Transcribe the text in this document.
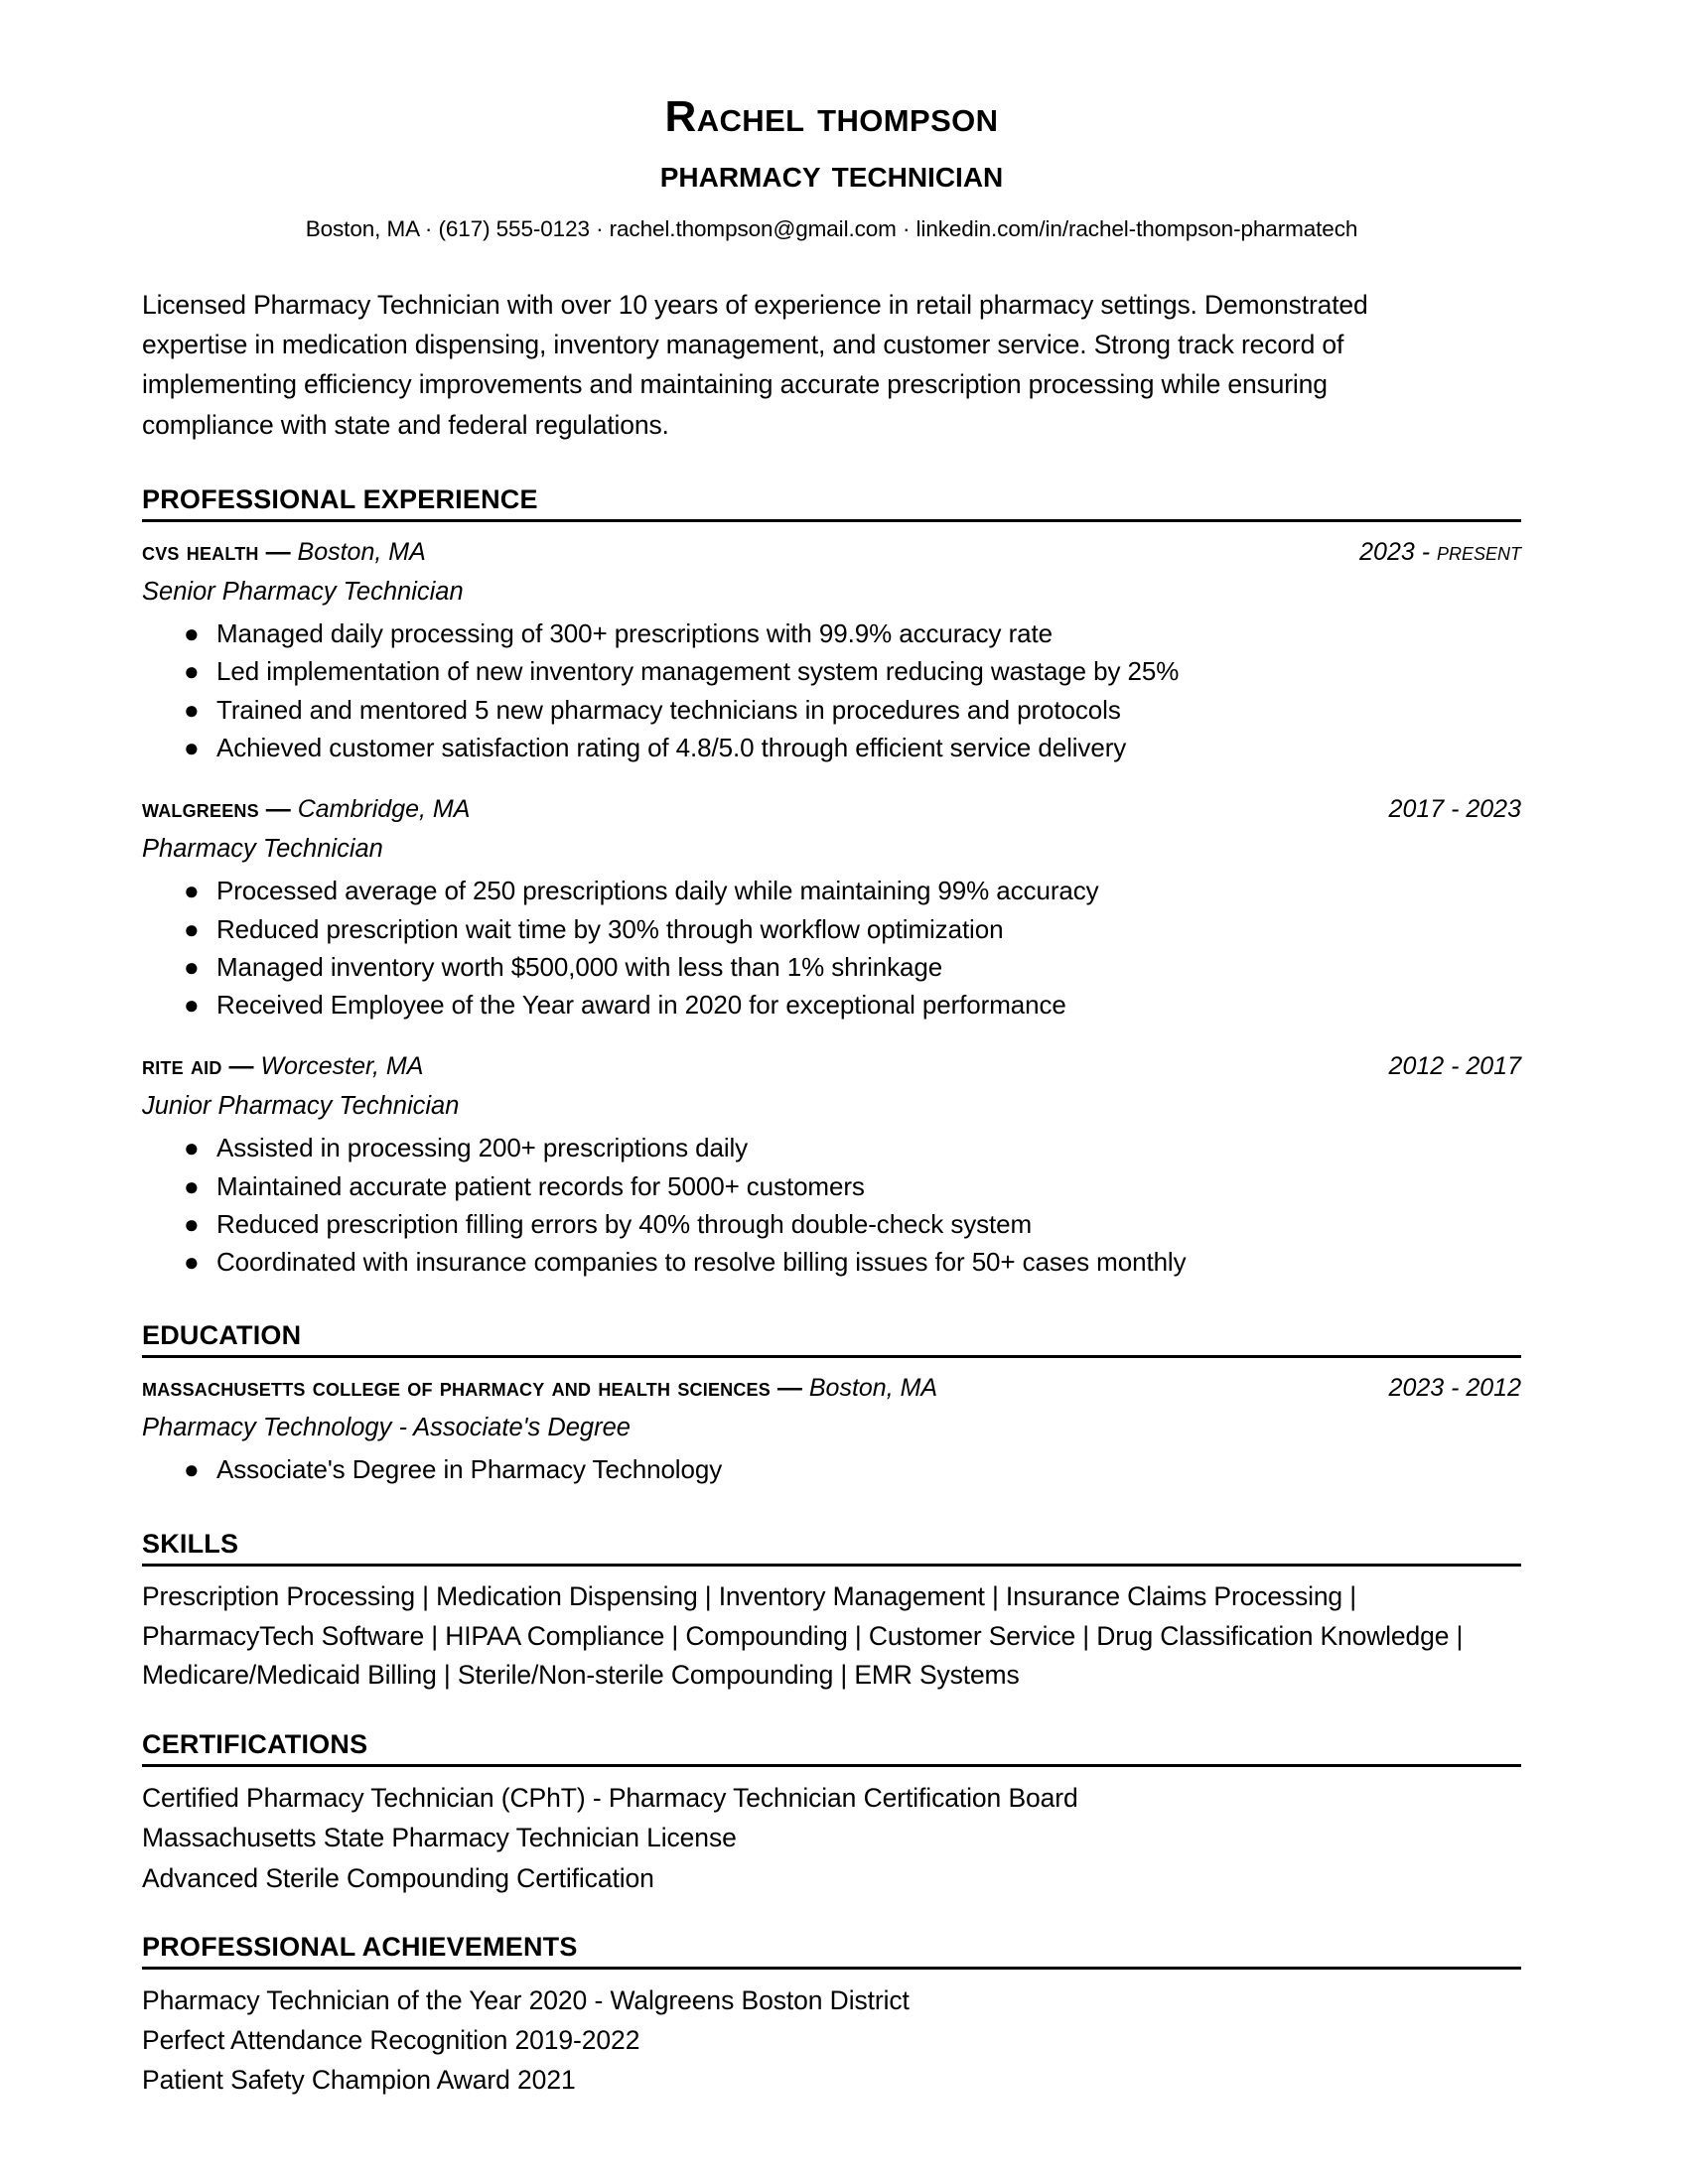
Rachel thompson
pharmacy technician
Boston, MA · (617) 555-0123 · rachel.thompson@gmail.com · linkedin.com/in/rachel-thompson-pharmatech
Licensed Pharmacy Technician with over 10 years of experience in retail pharmacy settings. Demonstrated expertise in medication dispensing, inventory management, and customer service. Strong track record of implementing efficiency improvements and maintaining accurate prescription processing while ensuring compliance with state and federal regulations.
PROFESSIONAL EXPERIENCE
cvs health — Boston, MA	2023 - present
Senior Pharmacy Technician
● Managed daily processing of 300+ prescriptions with 99.9% accuracy rate
● Led implementation of new inventory management system reducing wastage by 25%
● Trained and mentored 5 new pharmacy technicians in procedures and protocols
● Achieved customer satisfaction rating of 4.8/5.0 through efficient service delivery
walgreens — Cambridge, MA	2017 - 2023
Pharmacy Technician
● Processed average of 250 prescriptions daily while maintaining 99% accuracy
● Reduced prescription wait time by 30% through workflow optimization
● Managed inventory worth $500,000 with less than 1% shrinkage
● Received Employee of the Year award in 2020 for exceptional performance
rite aid — Worcester, MA	2012 - 2017
Junior Pharmacy Technician
● Assisted in processing 200+ prescriptions daily
● Maintained accurate patient records for 5000+ customers
● Reduced prescription filling errors by 40% through double-check system
● Coordinated with insurance companies to resolve billing issues for 50+ cases monthly
EDUCATION
massachusetts college of pharmacy and health sciences — Boston, MA	2023 - 2012
Pharmacy Technology - Associate's Degree
● Associate's Degree in Pharmacy Technology
SKILLS
Prescription Processing | Medication Dispensing | Inventory Management | Insurance Claims Processing | PharmacyTech Software | HIPAA Compliance | Compounding | Customer Service | Drug Classification Knowledge | Medicare/Medicaid Billing | Sterile/Non-sterile Compounding | EMR Systems
CERTIFICATIONS
Certified Pharmacy Technician (CPhT) - Pharmacy Technician Certification Board
Massachusetts State Pharmacy Technician License
Advanced Sterile Compounding Certification
PROFESSIONAL ACHIEVEMENTS
Pharmacy Technician of the Year 2020 - Walgreens Boston District
Perfect Attendance Recognition 2019-2022
Patient Safety Champion Award 2021
